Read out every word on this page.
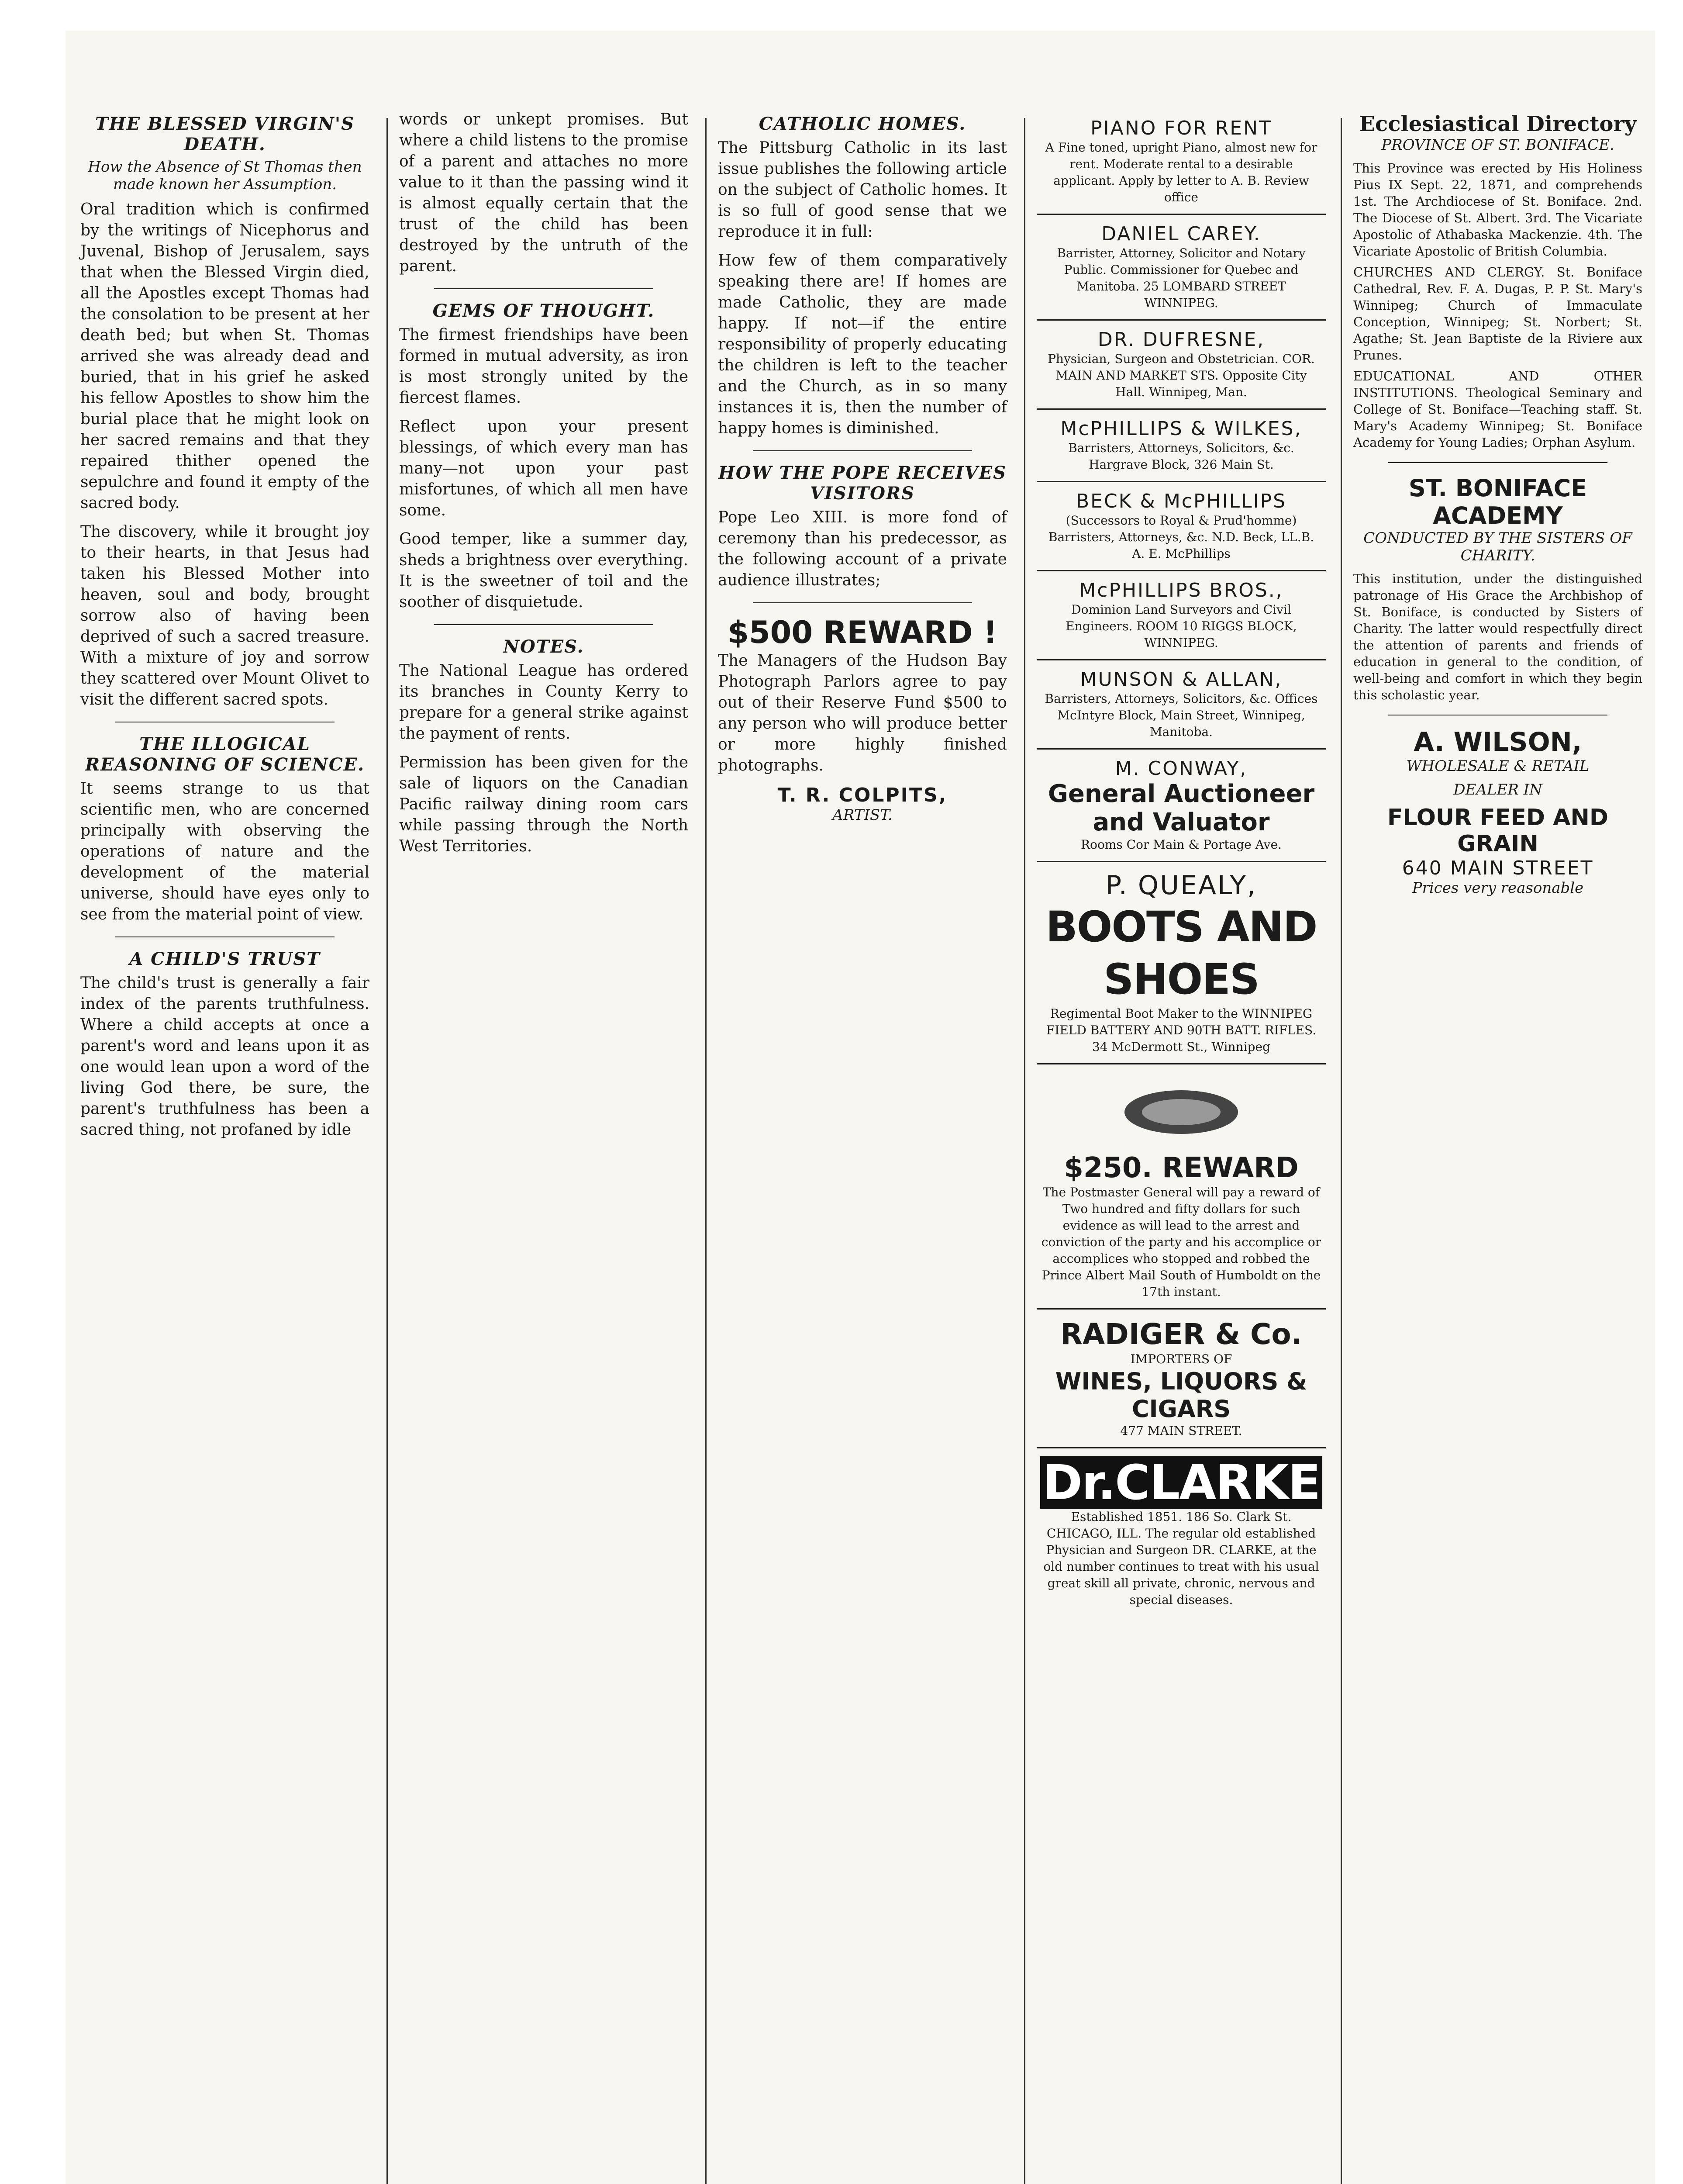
THE BLESSED VIRGIN'S DEATH.
How the Absence of St Thomas then made known her Assumption.

Oral tradition which is confirmed by the writings of Nicephorus and Juvenal, Bishop of Jerusalem, says that when the Blessed Virgin died, all the Apostles except Thomas had the consolation to be present at her death bed; but when St. Thomas arrived she was already dead and buried, that in his grief he asked his fellow Apostles to show him the burial place that he might look on her sacred remains and that they repaired thither opened the sepulchre and found it empty of the sacred body.

The discovery, while it brought joy to their hearts, in that Jesus had taken his Blessed Mother into heaven, soul and body, brought sorrow also of having been deprived of such a sacred treasure. With a mixture of joy and sorrow they scattered over Mount Olivet to visit the different sacred spots.

THE ILLOGICAL REASONING OF SCIENCE.

It seems strange to us that scientific men, who are concerned principally with observing the operations of nature and the development of the material universe, should have eyes only to see from the material point of view.

A CHILD'S TRUST

The child's trust is generally a fair index of the parents truthfulness. Where a child accepts at once a parent's word and leans upon it as one would lean upon a word of the living God there, be sure, the parent's truthfulness has been a sacred thing, not profaned by idle

words or unkept promises. But where a child listens to the promise of a parent and attaches no more value to it than the passing wind it is almost equally certain that the trust of the child has been destroyed by the untruth of the parent.

GEMS OF THOUGHT.

The firmest friendships have been formed in mutual adversity, as iron is most strongly united by the fiercest flames.

Reflect upon your present blessings, of which every man has many—not upon your past misfortunes, of which all men have some.

Good temper, like a summer day, sheds a brightness over everything. It is the sweetner of toil and the soother of disquietude.

NOTES.

The National League has ordered its branches in County Kerry to prepare for a general strike against the payment of rents.

Permission has been given for the sale of liquors on the Canadian Pacific railway dining room cars while passing through the North West Territories.

CATHOLIC HOMES.

The Pittsburg Catholic in its last issue publishes the following article on the subject of Catholic homes. It is so full of good sense that we reproduce it in full:

How few of them comparatively speaking there are! If homes are made Catholic, they are made happy. If not—if the entire responsibility of properly educating the children is left to the teacher and the Church, as in so many instances it is, then the number of happy homes is diminished.

HOW THE POPE RECEIVES VISITORS

Pope Leo XIII. is more fond of ceremony than his predecessor, as the following account of a private audience illustrates;

$500 REWARD !

The Managers of the Hudson Bay Photograph Parlors agree to pay out of their Reserve Fund $500 to any person who will produce better or more highly finished photographs.

T. R. COLPITS,
ARTIST.
PIANO FOR RENT
A Fine toned, upright Piano, almost new for rent. Moderate rental to a desirable applicant. Apply by letter to A. B. Review office
DANIEL CAREY.
Barrister, Attorney, Solicitor and Notary Public. Commissioner for Quebec and Manitoba. 25 LOMBARD STREET WINNIPEG.
DR. DUFRESNE,
Physician, Surgeon and Obstetrician. COR. MAIN AND MARKET STS. Opposite City Hall. Winnipeg, Man.
McPHILLIPS & WILKES,
Barristers, Attorneys, Solicitors, &c. Hargrave Block, 326 Main St.
BECK & McPHILLIPS
(Successors to Royal & Prud'homme) Barristers, Attorneys, &c. N.D. Beck, LL.B. A. E. McPhillips
McPHILLIPS BROS.,
Dominion Land Surveyors and Civil Engineers. ROOM 10 RIGGS BLOCK, WINNIPEG.
MUNSON & ALLAN,
Barristers, Attorneys, Solicitors, &c. Offices McIntyre Block, Main Street, Winnipeg, Manitoba.
M. CONWAY,
General Auctioneer and Valuator
Rooms Cor Main & Portage Ave.
P. QUEALY,
BOOTS AND SHOES
Regimental Boot Maker to the WINNIPEG FIELD BATTERY AND 90TH BATT. RIFLES. 34 McDermott St., Winnipeg
$250. REWARD
The Postmaster General will pay a reward of Two hundred and fifty dollars for such evidence as will lead to the arrest and conviction of the party and his accomplice or accomplices who stopped and robbed the Prince Albert Mail South of Humboldt on the 17th instant.
RADIGER & Co.
IMPORTERS OF
WINES, LIQUORS & CIGARS
477 MAIN STREET.
Dr.CLARKE
Established 1851. 186 So. Clark St. CHICAGO, ILL. The regular old established Physician and Surgeon DR. CLARKE, at the old number continues to treat with his usual great skill all private, chronic, nervous and special diseases.
Ecclesiastical Directory
PROVINCE OF ST. BONIFACE.

This Province was erected by His Holiness Pius IX Sept. 22, 1871, and comprehends 1st. The Archdiocese of St. Boniface. 2nd. The Diocese of St. Albert. 3rd. The Vicariate Apostolic of Athabaska Mackenzie. 4th. The Vicariate Apostolic of British Columbia.

CHURCHES AND CLERGY. St. Boniface Cathedral, Rev. F. A. Dugas, P. P. St. Mary's Winnipeg; Church of Immaculate Conception, Winnipeg; St. Norbert; St. Agathe; St. Jean Baptiste de la Riviere aux Prunes.

EDUCATIONAL AND OTHER INSTITUTIONS. Theological Seminary and College of St. Boniface—Teaching staff. St. Mary's Academy Winnipeg; St. Boniface Academy for Young Ladies; Orphan Asylum.

ST. BONIFACE ACADEMY
CONDUCTED BY THE SISTERS OF CHARITY.

This institution, under the distinguished patronage of His Grace the Archbishop of St. Boniface, is conducted by Sisters of Charity. The latter would respectfully direct the attention of parents and friends of education in general to the condition, of well-being and comfort in which they begin this scholastic year.

A. WILSON,
WHOLESALE & RETAIL
DEALER IN
FLOUR FEED AND GRAIN
640 MAIN STREET
Prices very reasonable
